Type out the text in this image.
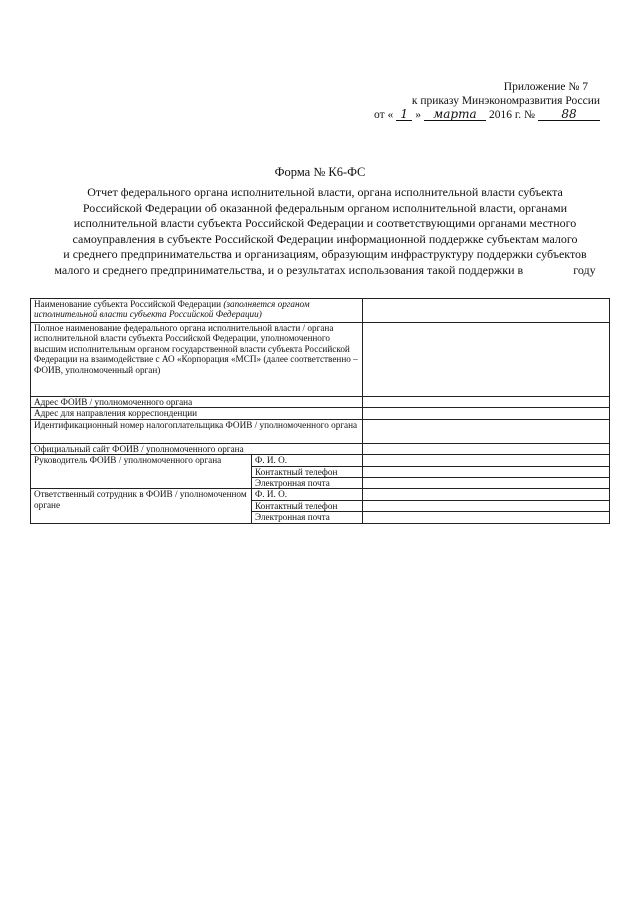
Приложение № 7
к приказу Минэкономразвития России
от « 1 »	марта	2016 г. №	88
Форма № К6-ФС
Отчет федерального органа исполнительной власти, органа исполнительной власти субъекта
Российской Федерации об оказанной федеральным органом исполнительной власти, органами
исполнительной власти субъекта Российской Федерации и соответствующими органами местного
самоуправления в субъекте Российской Федерации информационной поддержке субъектам малого
и среднего предпринимательства и организациям, образующим инфраструктуру поддержки субъектов
малого и среднего предпринимательства, и о результатах использования такой поддержки в	году
Наименование субъекта Российской Федерации (заполняется органом исполнительной власти субъекта Российской Федерации)		
Полное наименование федерального органа исполнительной власти / органа исполнительной власти субъекта Российской Федерации, уполномоченного высшим исполнительным органом государственной власти субъекта Российской Федерации на взаимодействие с АО «Корпорация «МСП» (далее соответственно – ФОИВ, уполномоченный орган)		
Адрес ФОИВ / уполномоченного органа		
Адрес для направления корреспонденции		
Идентификационный номер налогоплательщика ФОИВ / уполномоченного органа		
Официальный сайт ФОИВ / уполномоченного органа		
Руководитель ФОИВ / уполномоченного органа	Ф. И. О.	
	Контактный телефон	
	Электронная почта	
Ответственный сотрудник в ФОИВ / уполномоченном органе	Ф. И. О.	
	Контактный телефон	
	Электронная почта	
